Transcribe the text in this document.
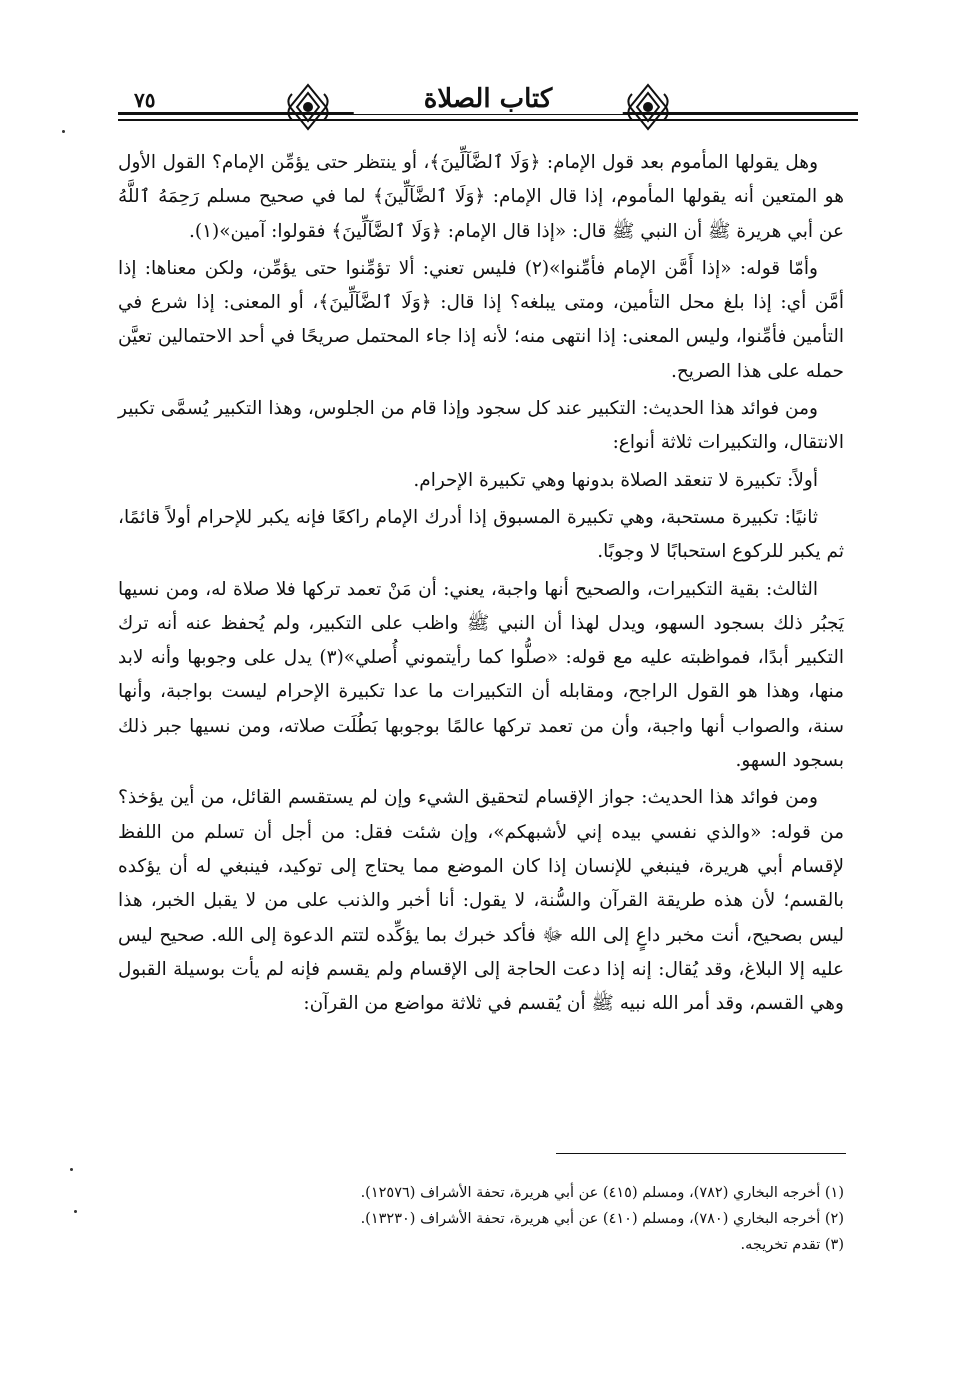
كتاب الصلاة
٧٥

وهل يقولها المأموم بعد قول الإمام: ﴿وَلَا ٱلضَّآلِّينَ﴾، أو ينتظر حتى يؤمِّن الإمام؟ القول الأول هو المتعين أنه يقولها المأموم، إذا قال الإمام: ﴿وَلَا ٱلضَّآلِّينَ﴾ لما في صحيح مسلم رَحِمَهُ ٱللَّهُ عن أبي هريرة ﷺ أن النبي ﷺ قال: «إذا قال الإمام: ﴿وَلَا ٱلضَّآلِّينَ﴾ فقولوا: آمين»(١).

وأمّا قوله: «إذا أَمَّن الإمام فأمِّنوا»(٢) فليس تعني: ألا تؤمِّنوا حتى يؤمِّن، ولكن معناها: إذا أمَّن أي: إذا بلغ محل التأمين، ومتى يبلغه؟ إذا قال: ﴿وَلَا ٱلضَّآلِّينَ﴾، أو المعنى: إذا شرع في التأمين فأمِّنوا، وليس المعنى: إذا انتهى منه؛ لأنه إذا جاء المحتمل صريحًا في أحد الاحتمالين تعيَّن حمله على هذا الصريح.

ومن فوائد هذا الحديث: التكبير عند كل سجود وإذا قام من الجلوس، وهذا التكبير يُسمَّى تكبير الانتقال، والتكبيرات ثلاثة أنواع:

أولاً: تكبيرة لا تنعقد الصلاة بدونها وهي تكبيرة الإحرام.

ثانيًا: تكبيرة مستحبة، وهي تكبيرة المسبوق إذا أدرك الإمام راكعًا فإنه يكبر للإحرام أولاً قائمًا، ثم يكبر للركوع استحبابًا لا وجوبًا.

الثالث: بقية التكبيرات، والصحيح أنها واجبة، يعني: أن مَنْ تعمد تركها فلا صلاة له، ومن نسيها يَجبُر ذلك بسجود السهو، ويدل لهذا أن النبي ﷺ واظب على التكبير، ولم يُحفظ عنه أنه ترك التكبير أبدًا، فمواظبته عليه مع قوله: «صلُّوا كما رأيتموني أُصلي»(٣) يدل على وجوبها وأنه لابد منها، وهذا هو القول الراجح، ومقابله أن التكبيرات ما عدا تكبيرة الإحرام ليست بواجبة، وأنها سنة، والصواب أنها واجبة، وأن من تعمد تركها عالمًا بوجوبها بَطُلَت صلاته، ومن نسيها جبر ذلك بسجود السهو.

ومن فوائد هذا الحديث: جواز الإقسام لتحقيق الشيء وإن لم يستقسم القائل، من أين يؤخذ؟ من قوله: «والذي نفسي بيده إني لأشبهكم»، وإن شئت فقل: من أجل أن تسلم من اللفظ لإقسام أبي هريرة، فينبغي للإنسان إذا كان الموضع مما يحتاج إلى توكيد، فينبغي له أن يؤكده بالقسم؛ لأن هذه طريقة القرآن والسُّنة، لا يقول: أنا أخبر والذنب على من لا يقبل الخبر، هذا ليس بصحيح، أنت مخبر داعٍ إلى الله ﷻ فأكد خبرك بما يؤكِّده لتتم الدعوة إلى الله. صحيح ليس عليه إلا البلاغ، وقد يُقال: إنه إذا دعت الحاجة إلى الإقسام ولم يقسم فإنه لم يأت بوسيلة القبول وهي القسم، وقد أمر الله نبيه ﷺ أن يُقسم في ثلاثة مواضع من القرآن:

(١) أخرجه البخاري (٧٨٢)، ومسلم (٤١٥) عن أبي هريرة، تحفة الأشراف (١٢٥٧٦).

(٢) أخرجه البخاري (٧٨٠)، ومسلم (٤١٠) عن أبي هريرة، تحفة الأشراف (١٣٢٣٠).

(٣) تقدم تخريجه.
